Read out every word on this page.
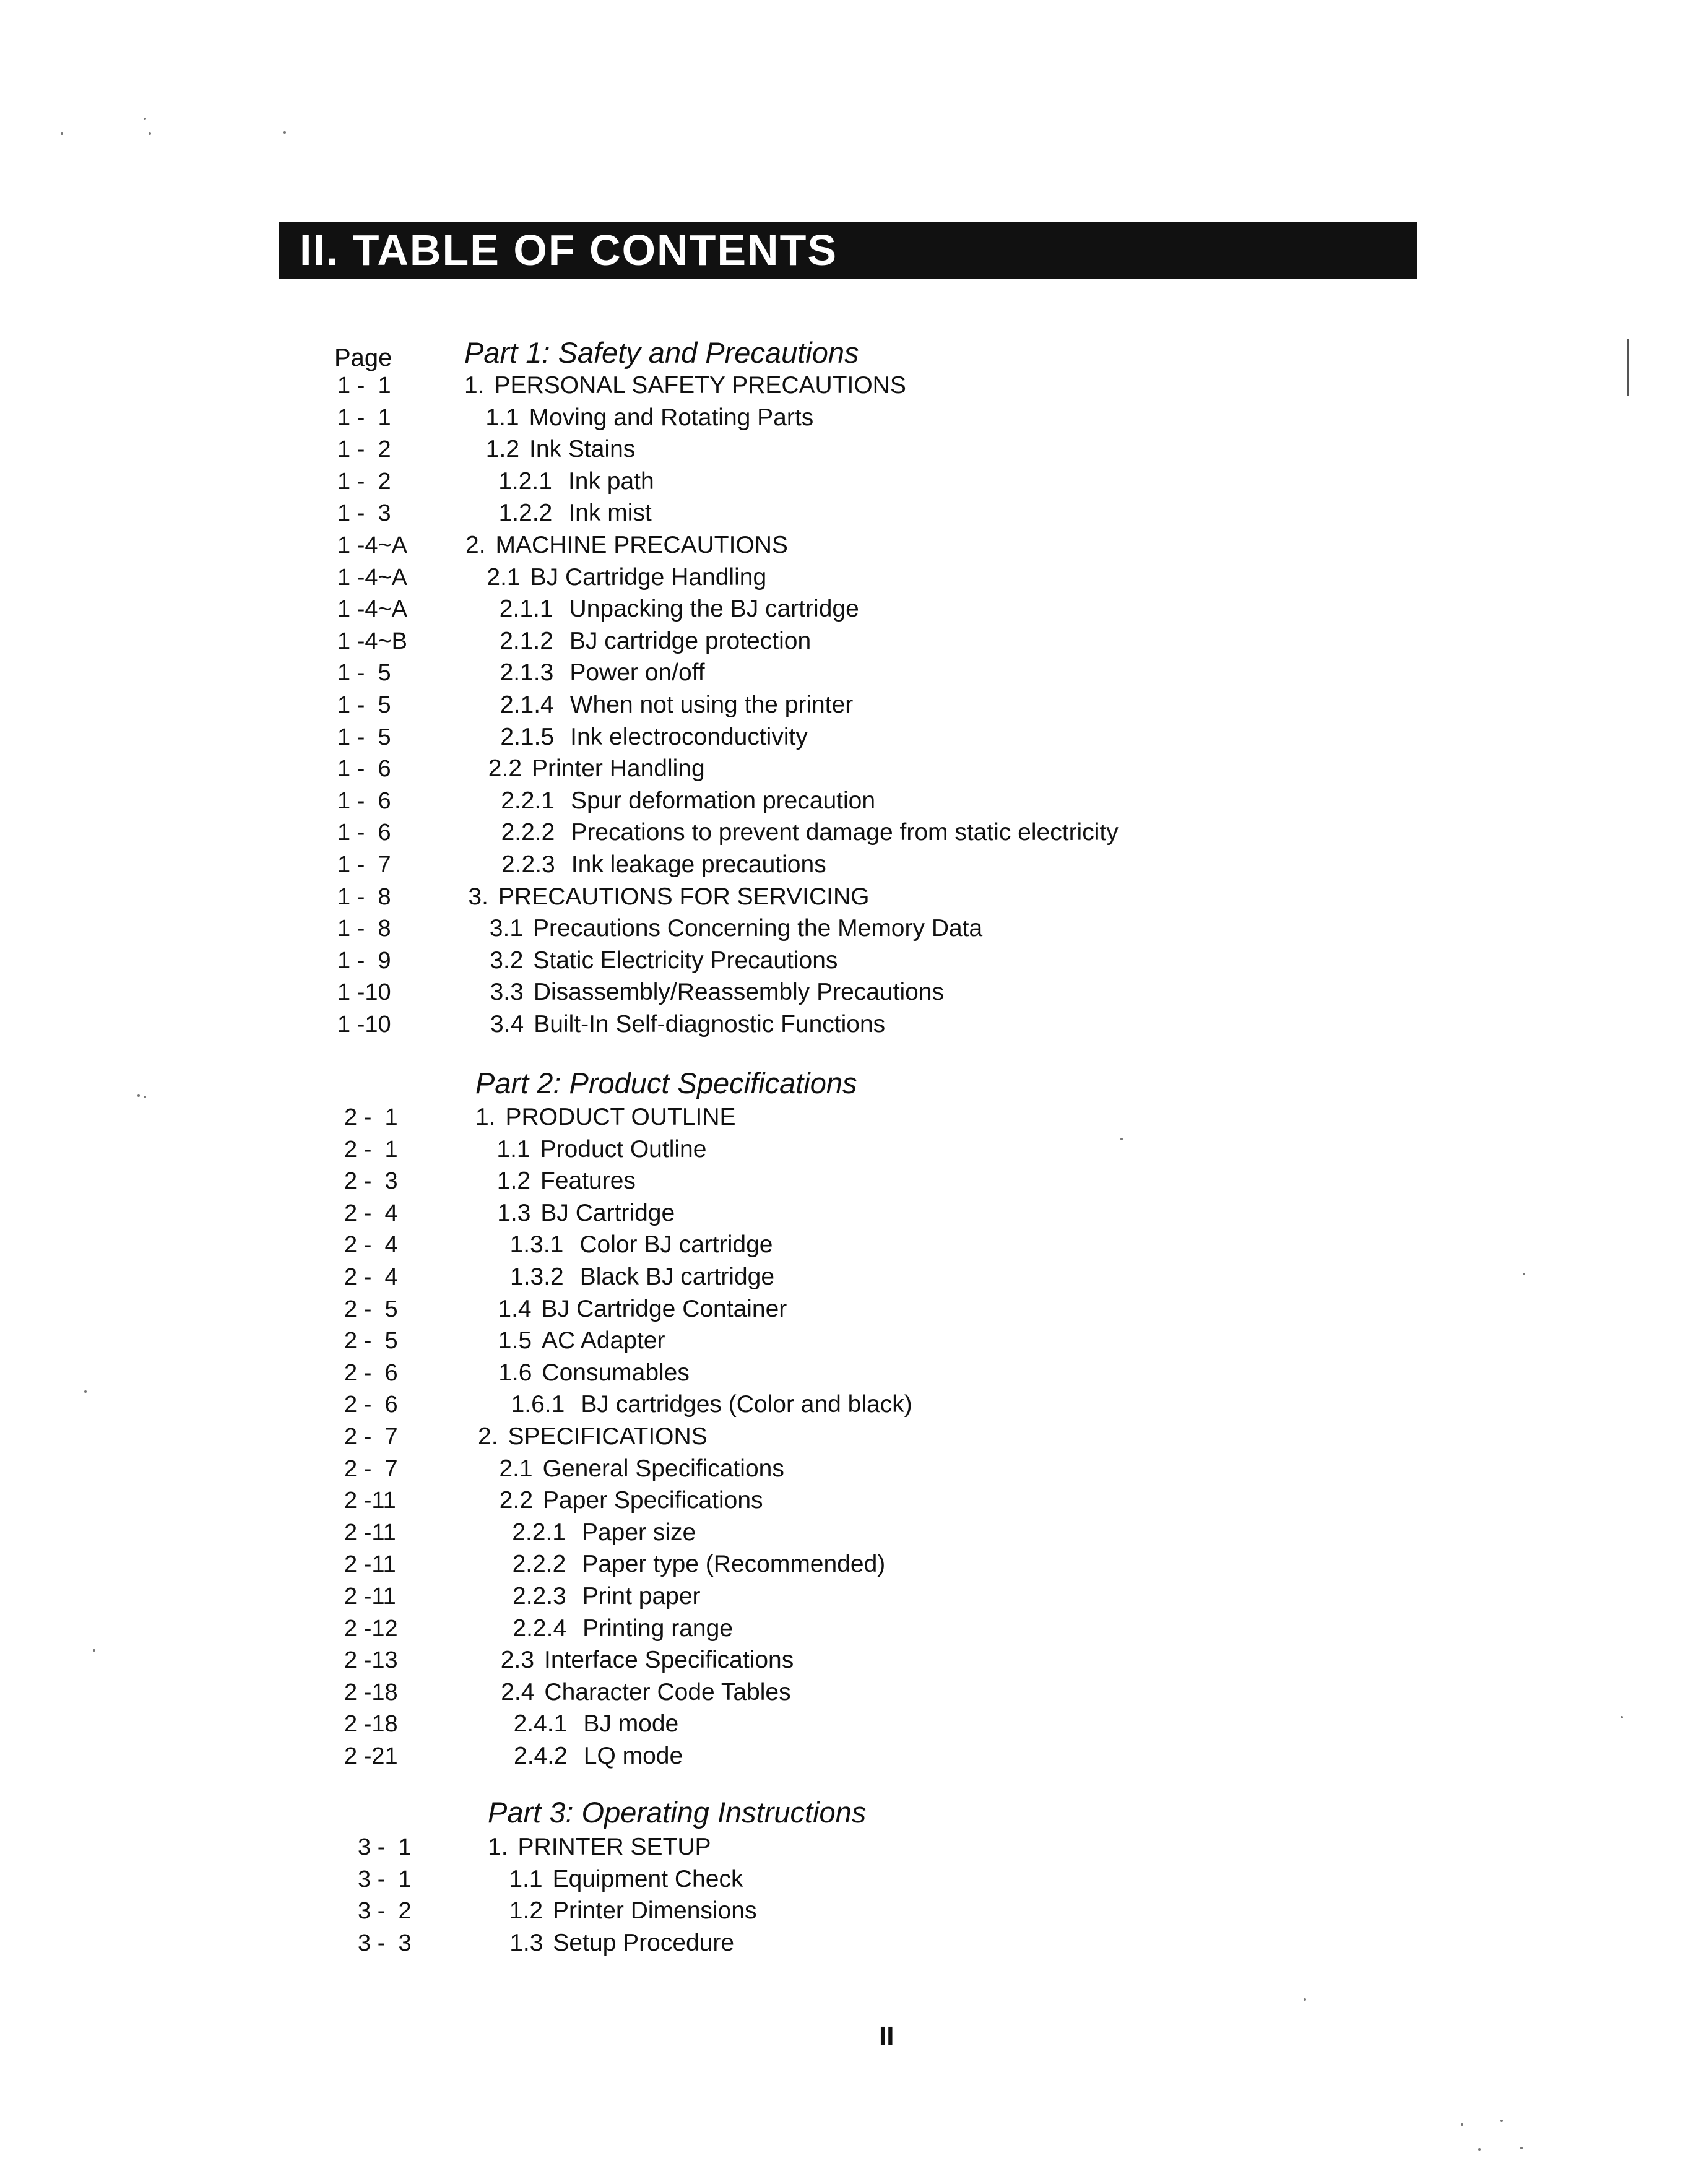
II. TABLE OF CONTENTS
Page Part 1: Safety and Precautions
1 -  1	1. PERSONAL SAFETY PRECAUTIONS
1 -  1	1.1 Moving and Rotating Parts
1 -  2	1.2 Ink Stains
1 -  2	1.2.1 Ink path
1 -  3	1.2.2 Ink mist
1 -4~A 2. MACHINE PRECAUTIONS
1 -4~A	2.1 BJ Cartridge Handling
1 -4~A	2.1.1 Unpacking the BJ cartridge
1 -4~B	2.1.2 BJ cartridge protection
1 -  5	2.1.3 Power on/off
1 -  5	2.1.4 When not using the printer
1 -  5	2.1.5 Ink electroconductivity
1 -  6	2.2 Printer Handling
1 -  6	2.2.1 Spur deformation precaution
1 -  6	2.2.2 Precations to prevent damage from static electricity
1 -  7	2.2.3 Ink leakage precautions
1 -  8	3. PRECAUTIONS FOR SERVICING
1 -  8	3.1 Precautions Concerning the Memory Data
1 -  9	3.2 Static Electricity Precautions
1 -10	3.3 Disassembly/Reassembly Precautions
1 -10	3.4 Built-In Self-diagnostic Functions
Part 2: Product Specifications
2 -  1	1. PRODUCT OUTLINE
2 -  1	1.1 Product Outline
2 -  3	1.2 Features
2 -  4	1.3 BJ Cartridge
2 -  4	1.3.1 Color BJ cartridge
2 -  4	1.3.2 Black BJ cartridge
2 -  5	1.4 BJ Cartridge Container
2 -  5	1.5 AC Adapter
2 -  6	1.6 Consumables
2 -  6	1.6.1 BJ cartridges (Color and black)
2 -  7	2. SPECIFICATIONS
2 -  7	2.1 General Specifications
2 -11	2.2 Paper Specifications
2 -11	2.2.1 Paper size
2 -11	2.2.2 Paper type (Recommended)
2 -11	2.2.3 Print paper
2 -12	2.2.4 Printing range
2 -13	2.3 Interface Specifications
2 -18	2.4 Character Code Tables
2 -18	2.4.1 BJ mode
2 -21	2.4.2 LQ mode
Part 3: Operating Instructions
3 -  1	1. PRINTER SETUP
3 -  1	1.1 Equipment Check
3 -  2	1.2 Printer Dimensions
3 -  3	1.3 Setup Procedure
II
